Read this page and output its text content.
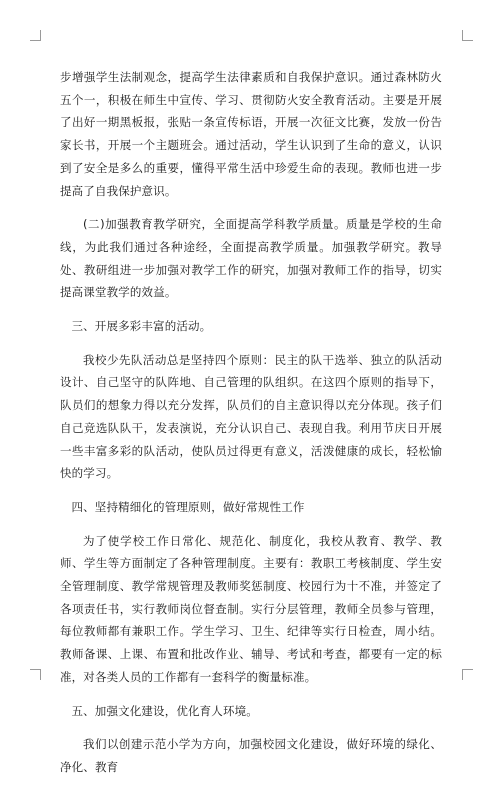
步增强学生法制观念，提高学生法律素质和自我保护意识。通过森林防火五个一，积极在师生中宣传、学习、贯彻防火安全教育活动。主要是开展了出好一期黑板报，张贴一条宣传标语，开展一次征文比赛，发放一份告家长书，开展一个主题班会。通过活动，学生认识到了生命的意义，认识到了安全是多么的重要，懂得平常生活中珍爱生命的表现。教师也进一步提高了自我保护意识。

(二)加强教育教学研究，全面提高学科教学质量。质量是学校的生命线，为此我们通过各种途经，全面提高教学质量。加强教学研究。教导处、教研组进一步加强对教学工作的研究，加强对教师工作的指导，切实提高课堂教学的效益。

三、开展多彩丰富的活动。

我校少先队活动总是坚持四个原则：民主的队干选举、独立的队活动设计、自己坚守的队阵地、自己管理的队组织。在这四个原则的指导下，队员们的想象力得以充分发挥，队员们的自主意识得以充分体现。孩子们自己竞选队队干，发表演说，充分认识自己、表现自我。利用节庆日开展一些丰富多彩的队活动，使队员过得更有意义，活泼健康的成长，轻松愉快的学习。

四、坚持精细化的管理原则，做好常规性工作

为了使学校工作日常化、规范化、制度化，我校从教育、教学、教师、学生等方面制定了各种管理制度。主要有：教职工考核制度、学生安全管理制度、教学常规管理及教师奖惩制度、校园行为十不准，并签定了各项责任书，实行教师岗位督查制。实行分层管理，教师全员参与管理，每位教师都有兼职工作。学生学习、卫生、纪律等实行日检查，周小结。教师备课、上课、布置和批改作业、辅导、考试和考查，都要有一定的标准，对各类人员的工作都有一套科学的衡量标准。

五、加强文化建设，优化育人环境。

我们以创建示范小学为方向，加强校园文化建设，做好环境的绿化、净化、教育
